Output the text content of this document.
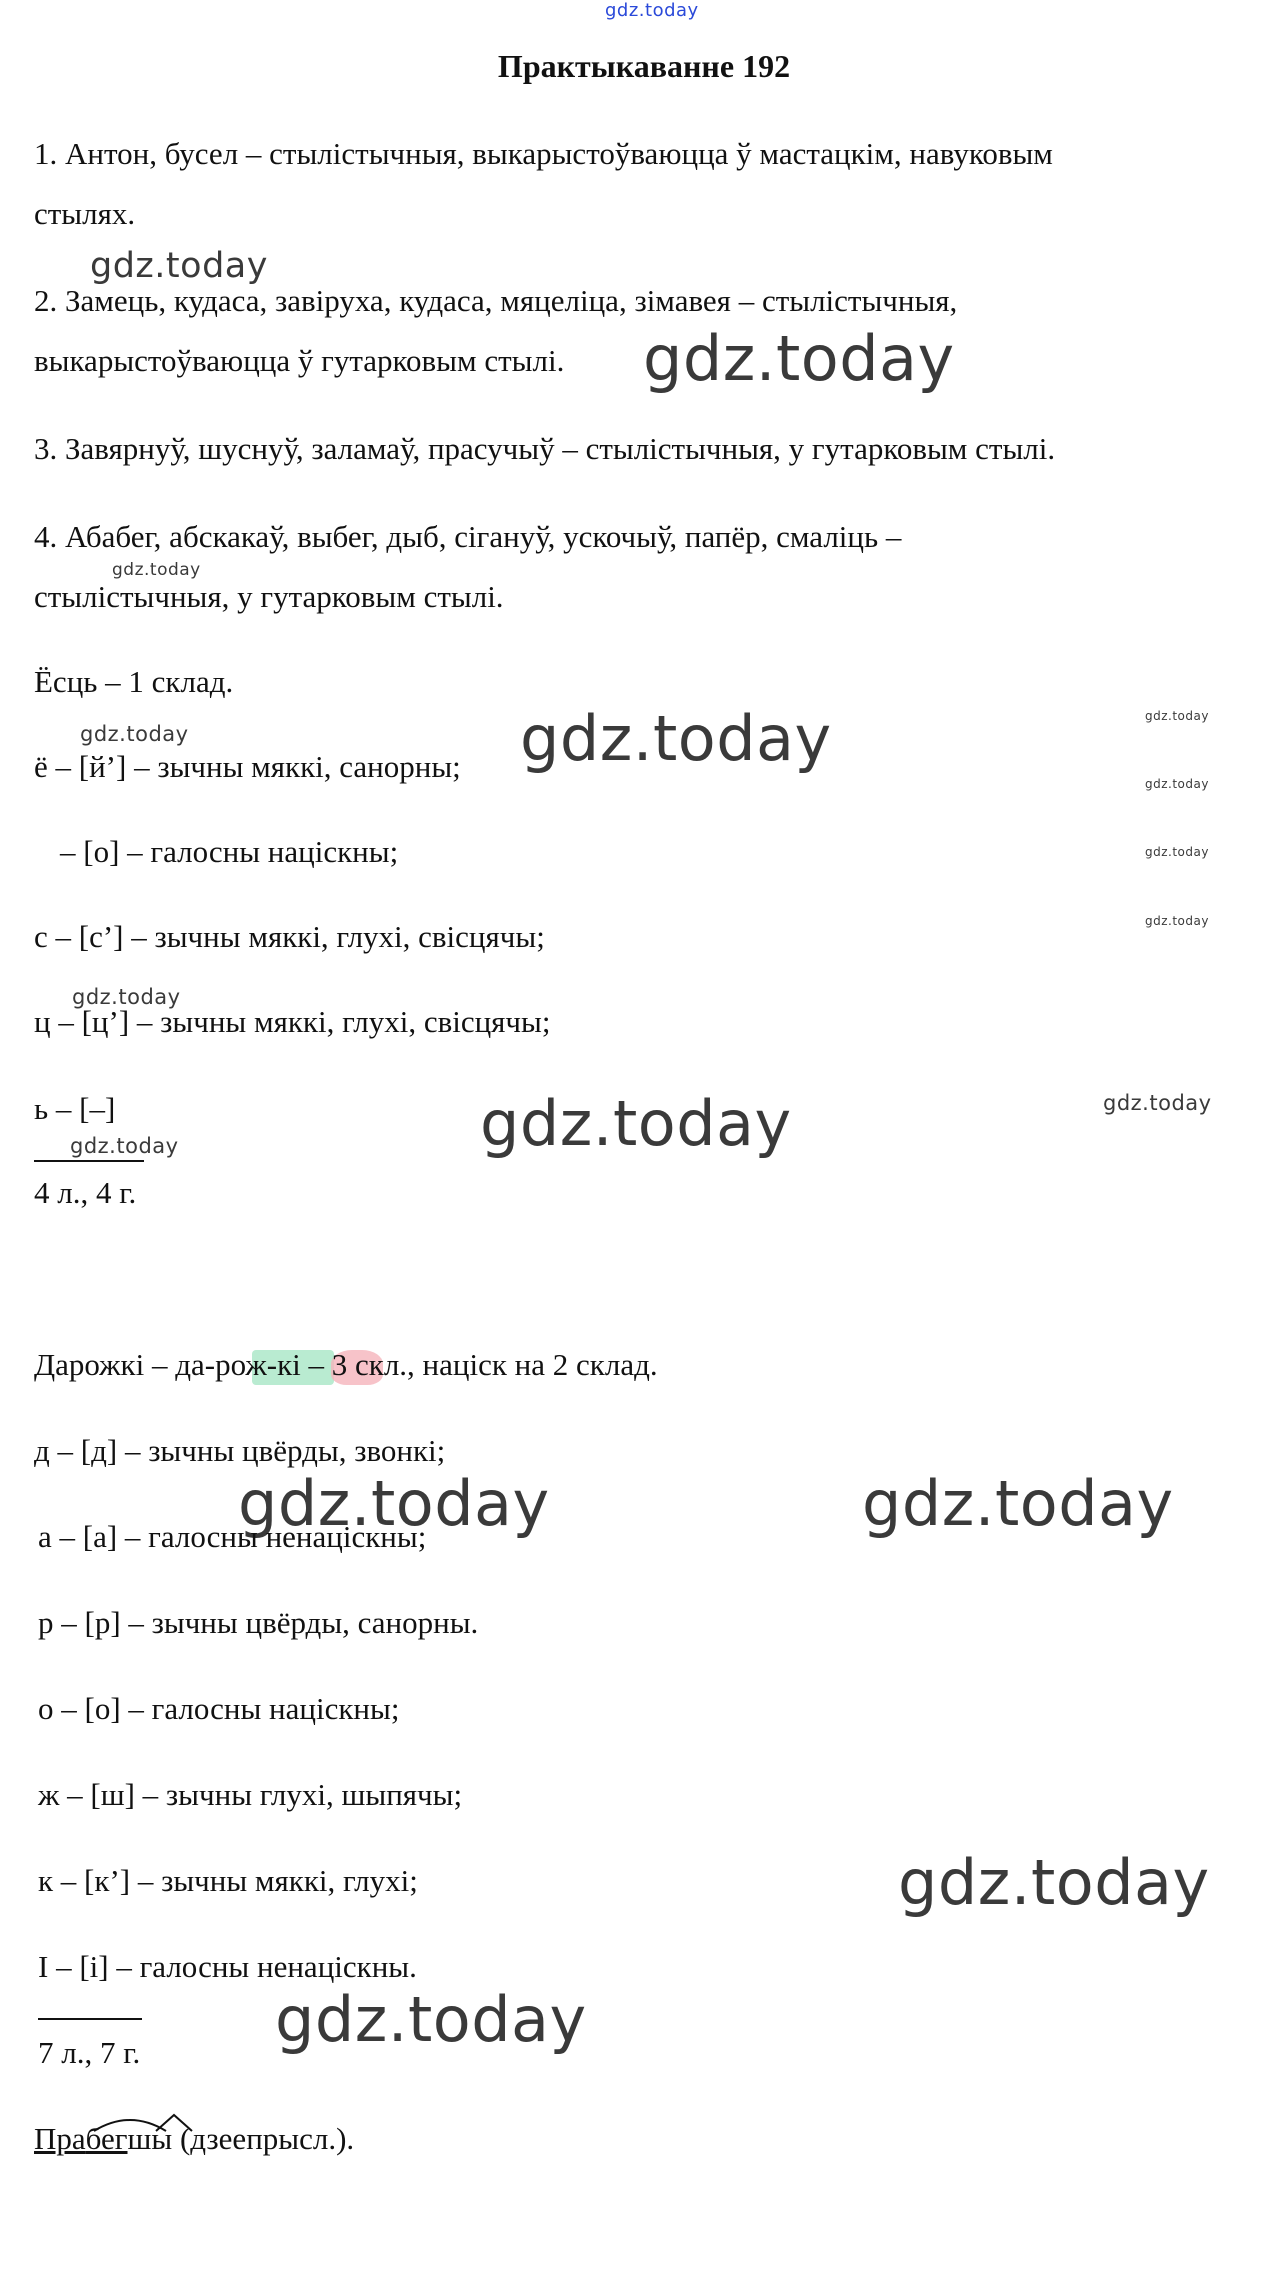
gdz.today
gdz.today
gdz.today
gdz.today
gdz.today	gdz.today	gdz.today
gdz.today
gdz.today
gdz.today
gdz.today
gdz.today	gdz.today
gdz.today
gdz.today	gdz.today
gdz.today
gdz.today
Практыкаванне 192
1. Антон, бусел – стылістычныя, выкарыстоўваюцца ў мастацкім, навуковым
стылях.
2. Замець, кудаса, завіруха, кудаса, мяцеліца, зімавея – стылістычныя,
выкарыстоўваюцца ў гутарковым стылі.
3. Завярнуў, шуснуў, заламаў, прасучыў – стылістычныя, у гутарковым стылі.
4. Абабег, абскакаў, выбег, дыб, сігануў, ускочыў, папёр, смаліць –
стылістычныя, у гутарковым стылі.
Ёсць – 1 склад.
ё – [й’] – зычны мяккі, санорны;
– [о] – галосны націскны;
с – [с’] – зычны мяккі, глухі, свісцячы;
ц – [ц’] – зычны мяккі, глухі, свісцячы;
ь – [–]
4 л., 4 г.
Дарожкі – да-рож-кі – 3 скл., націск на 2 склад.
д – [д] – зычны цвёрды, звонкі;
а – [а] – галосны ненаціскны;
р – [р] – зычны цвёрды, санорны.
о – [о] – галосны націскны;
ж – [ш] – зычны глухі, шыпячы;
к – [к’] – зычны мяккі, глухі;
І – [і] – галосны ненаціскны.
7 л., 7 г.
Прабегшы (дзеепрысл.).
